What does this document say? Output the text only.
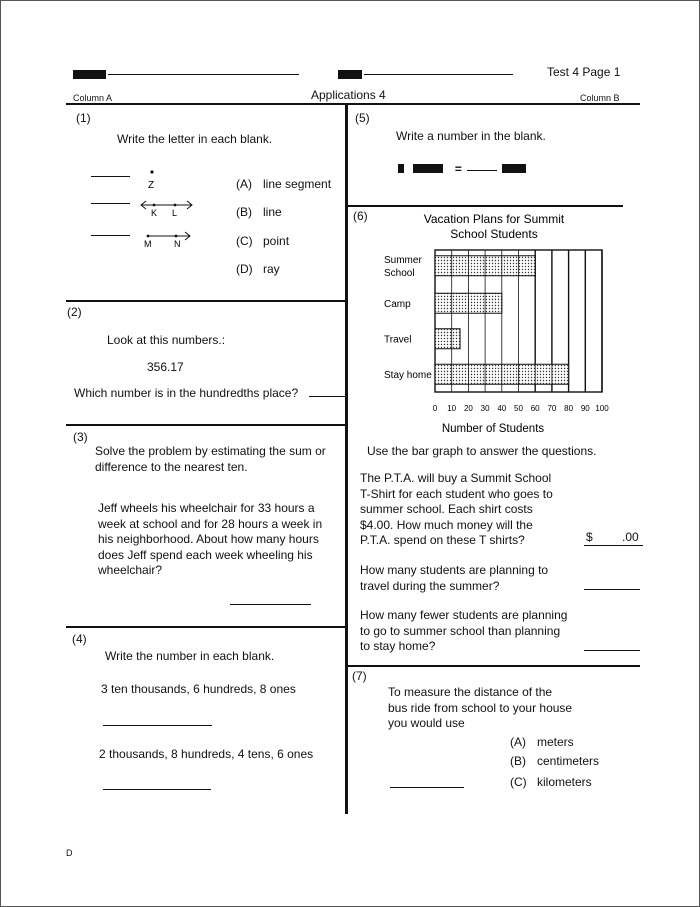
Test 4 Page 1
Column A	Applications 4	Column B
(1)
Write the letter in each blank.
Z
K L
M	N
(A) line segment
(B) line
(C) point
(D) ray
(2)
Look at this numbers.:
356.17
Which number is in the hundredths place?
(3)
Solve the problem by estimating the sum or difference to the nearest ten.
Jeff wheels his wheelchair for 33 hours a week at school and for 28 hours a week in his neighborhood. About how many hours does Jeff spend each week wheeling his wheelchair?
(4)
Write the number in each blank.
3 ten thousands, 6 hundreds, 8 ones
2 thousands, 8 hundreds, 4 tens, 6 ones
(5)
Write a number in the blank.
=
(6)	Vacation Plans for Summit
School Students
Summer
School
Camp
Travel
Stay home
0 10 20 30 40 50 60 70 80 90 100
Number of Students
Use the bar graph to answer the questions.
The P.T.A. will buy a Summit School T-Shirt for each student who goes to summer school. Each shirt costs $4.00. How much money will the P.T.A. spend on these T shirts?	$ .00
How many students are planning to travel during the summer?
How many fewer students are planning to go to summer school than planning to stay home?
(7)
To measure the distance of the bus ride from school to your house you would use
(A) meters
(B) centimeters
(C) kilometers
D
